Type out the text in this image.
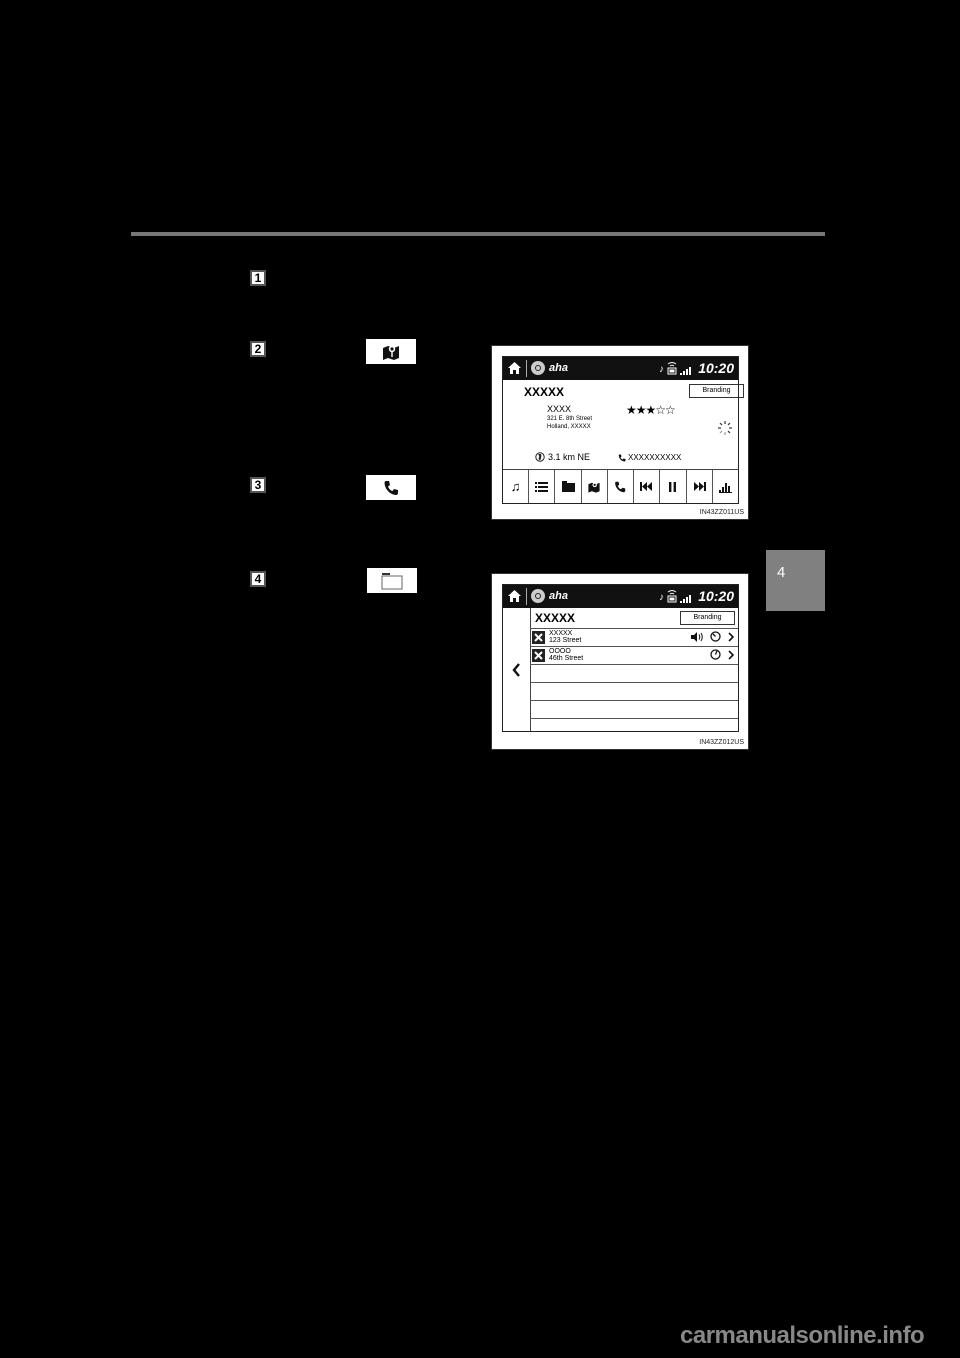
4
1
2
3
4
aha	♪ 10:20
XXXXX	Branding
XXXX
321 E. 8th Street
Holland, XXXXX
★★★☆☆
3.1 km NE	XXXXXXXXXX
♫
IN43ZZ011US
aha	♪ 10:20
XXXXX	Branding
XXXXX
123 Street
OOOO
46th Street
IN43ZZ012US
carmanualsonline.info
